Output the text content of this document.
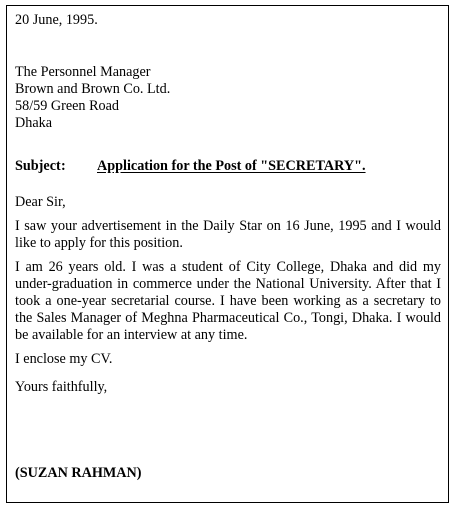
20 June, 1995.
The Personnel Manager
Brown and Brown Co. Ltd.
58/59 Green Road
Dhaka
Subject :	Application for the Post of "SECRETARY".
Dear Sir,
I saw your advertisement in the Daily Star on 16 June, 1995 and I would like to apply for this position.
I am 26 years old. I was a student of City College, Dhaka and did my under-graduation in commerce under the National University. After that I took a one-year secretarial course. I have been working as a secretary to the Sales Manager of Meghna Pharmaceutical Co., Tongi, Dhaka. I would be available for an interview at any time.
I enclose my CV.
Yours faithfully,
(SUZAN RAHMAN)
